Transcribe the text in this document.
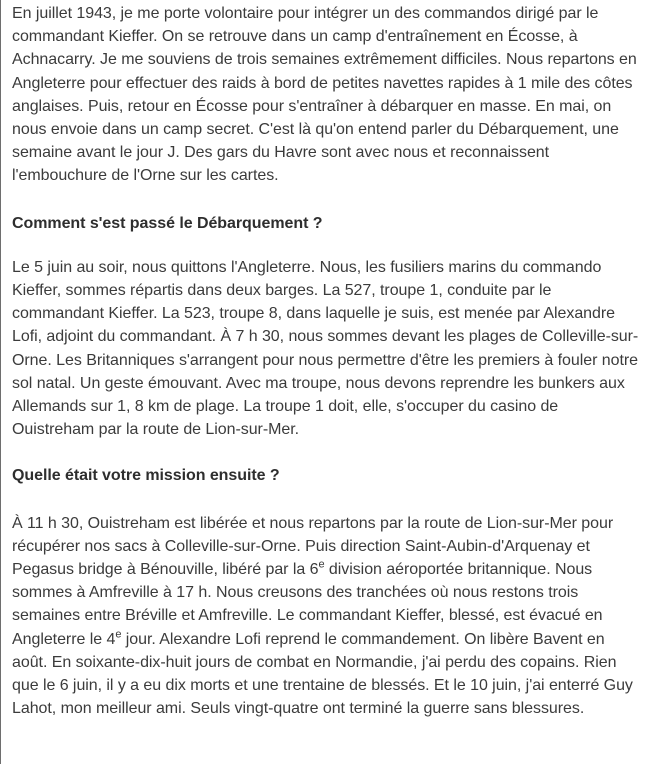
En juillet 1943, je me porte volontaire pour intégrer un des commandos dirigé par le commandant Kieffer. On se retrouve dans un camp d'entraînement en Écosse, à Achnacarry. Je me souviens de trois semaines extrêmement difficiles. Nous repartons en Angleterre pour effectuer des raids à bord de petites navettes rapides à 1 mile des côtes anglaises. Puis, retour en Écosse pour s'entraîner à débarquer en masse. En mai, on nous envoie dans un camp secret. C'est là qu'on entend parler du Débarquement, une semaine avant le jour J. Des gars du Havre sont avec nous et reconnaissent l'embouchure de l'Orne sur les cartes.

Comment s'est passé le Débarquement ?

Le 5 juin au soir, nous quittons l'Angleterre. Nous, les fusiliers marins du commando Kieffer, sommes répartis dans deux barges. La 527, troupe 1, conduite par le commandant Kieffer. La 523, troupe 8, dans laquelle je suis, est menée par Alexandre Lofi, adjoint du commandant. À 7 h 30, nous sommes devant les plages de Colleville-sur-Orne. Les Britanniques s'arrangent pour nous permettre d'être les premiers à fouler notre sol natal. Un geste émouvant. Avec ma troupe, nous devons reprendre les bunkers aux Allemands sur 1, 8 km de plage. La troupe 1 doit, elle, s'occuper du casino de Ouistreham par la route de Lion-sur-Mer.

Quelle était votre mission ensuite ?

À 11 h 30, Ouistreham est libérée et nous repartons par la route de Lion-sur-Mer pour récupérer nos sacs à Colleville-sur-Orne. Puis direction Saint-Aubin-d'Arquenay et Pegasus bridge à Bénouville, libéré par la 6e division aéroportée britannique. Nous sommes à Amfreville à 17 h. Nous creusons des tranchées où nous restons trois semaines entre Bréville et Amfreville. Le commandant Kieffer, blessé, est évacué en Angleterre le 4e jour. Alexandre Lofi reprend le commandement. On libère Bavent en août. En soixante-dix-huit jours de combat en Normandie, j'ai perdu des copains. Rien que le 6 juin, il y a eu dix morts et une trentaine de blessés. Et le 10 juin, j'ai enterré Guy Lahot, mon meilleur ami. Seuls vingt-quatre ont terminé la guerre sans blessures.
